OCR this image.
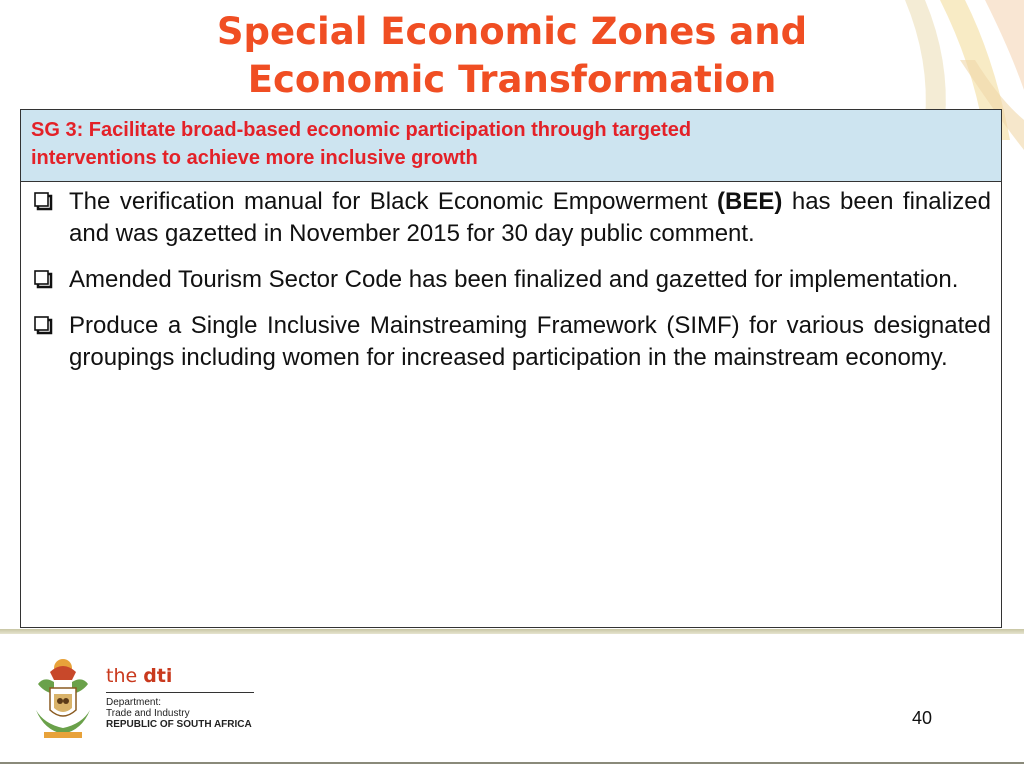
Special Economic Zones and
Economic Transformation
SG 3: Facilitate broad-based economic participation through targeted
interventions to achieve more inclusive growth
The verification manual for Black Economic Empowerment (BEE) has been finalized and was gazetted in November 2015 for 30 day public comment.
Amended Tourism Sector Code has been finalized and gazetted for implementation.
Produce a Single Inclusive Mainstreaming Framework (SIMF) for various designated groupings including women for increased participation in the mainstream economy.
the dti
Department:
Trade and Industry
REPUBLIC OF SOUTH AFRICA	40
